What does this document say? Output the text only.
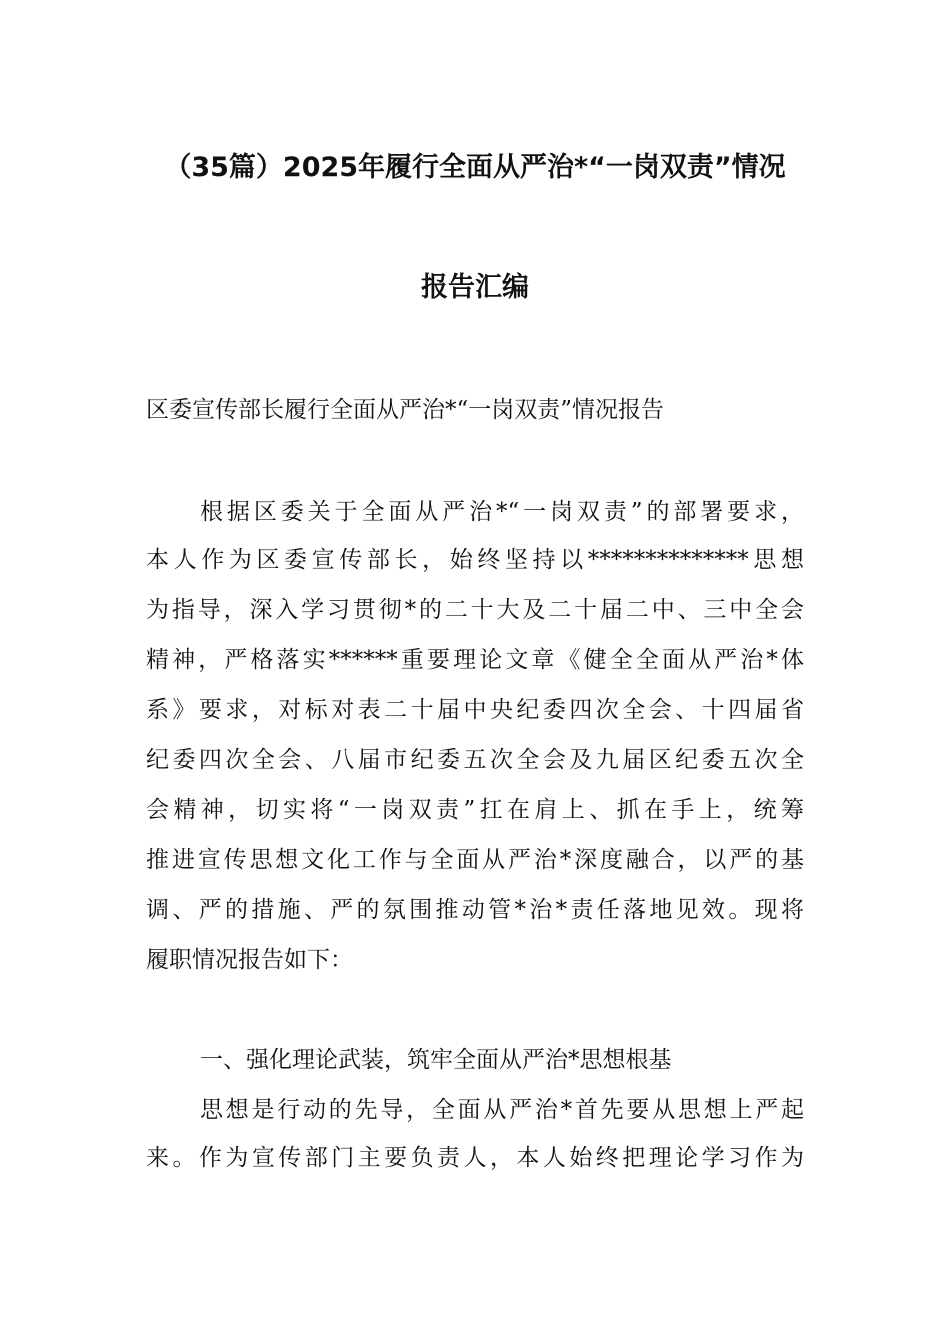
（35篇）2025年履行全面从严治*“一岗双责”情况
报告汇编
区委宣传部长履行全面从严治*“一岗双责”情况报告
根据区委关于全面从严治*“一岗双责”的部署要求，
本人作为区委宣传部长，始终坚持以**************思想
为指导，深入学习贯彻*的二十大及二十届二中、三中全会
精神，严格落实******重要理论文章《健全全面从严治*体
系》要求，对标对表二十届中央纪委四次全会、十四届省
纪委四次全会、八届市纪委五次全会及九届区纪委五次全
会精神，切实将“一岗双责”扛在肩上、抓在手上，统筹
推进宣传思想文化工作与全面从严治*深度融合，以严的基
调、严的措施、严的氛围推动管*治*责任落地见效。现将
履职情况报告如下：
一、强化理论武装，筑牢全面从严治*思想根基
思想是行动的先导，全面从严治*首先要从思想上严起
来。作为宣传部门主要负责人，本人始终把理论学习作为
